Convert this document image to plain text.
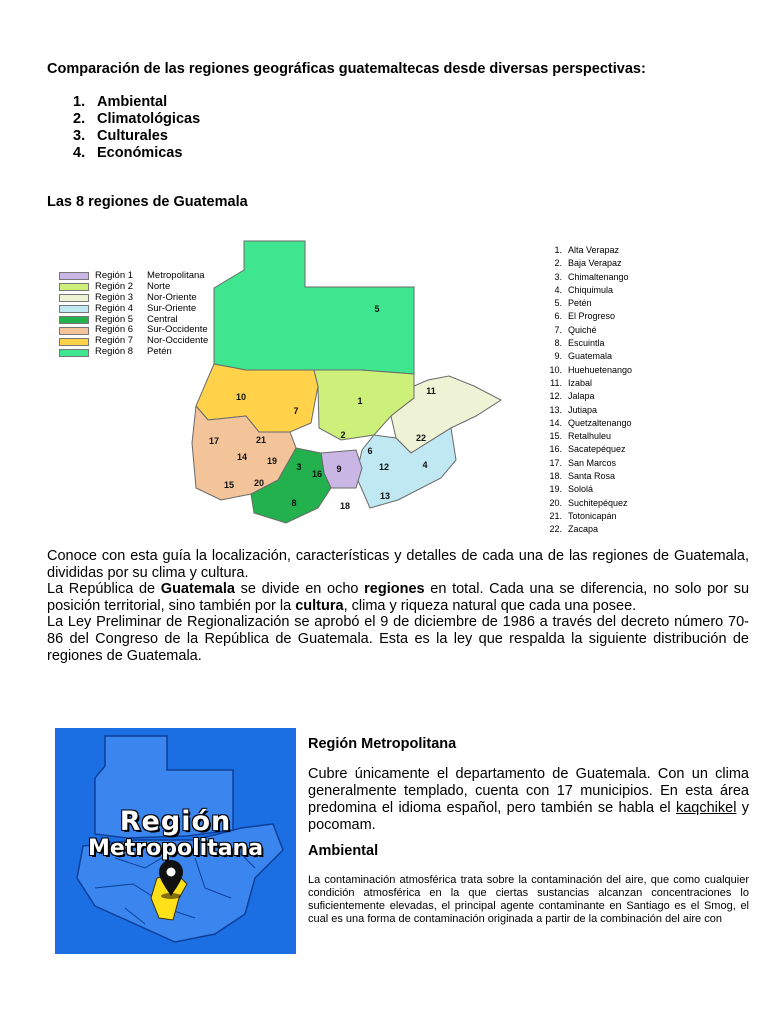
Comparación de las regiones geográficas guatemaltecas desde diversas perspectivas:
1. Ambiental
2. Climatológicas
3. Culturales
4. Económicas
Las 8 regiones de Guatemala
5
10
7
1
11
2	22
6
12	4
17	21
14 19
3
16 9
15 20
8	18
13
Región 1	Metropolitana
Región 2	Norte
Región 3	Nor-Oriente
Región 4	Sur-Oriente
Región 5	Central
Región 6	Sur-Occidente
Región 7	Nor-Occidente
Región 8	Petén
1. Alta Verapaz
2. Baja Verapaz
3. Chimaltenango
4. Chiquimula
5. Petén
6. El Progreso
7. Quiché
8. Escuintla
9. Guatemala
10. Huehuetenango
11. Izabal
12. Jalapa
13. Jutiapa
14. Quetzaltenango
15. Retalhuleu
16. Sacatepéquez
17. San Marcos
18. Santa Rosa
19. Sololá
20. Suchitepéquez
21. Totonicapán
22. Zacapa

Conoce con esta guía la localización, características y detalles de cada una de las regiones de Guatemala, divididas por su clima y cultura.

La República de Guatemala se divide en ocho regiones en total. Cada una se diferencia, no solo por su posición territorial, sino también por la cultura, clima y riqueza natural que cada una posee.

La Ley Preliminar de Regionalización se aprobó el 9 de diciembre de 1986 a través del decreto número 70-86 del Congreso de la República de Guatemala. Esta es la ley que respalda la siguiente distribución de regiones de Guatemala.

Región
Metropolitana

Región Metropolitana

Cubre únicamente el departamento de Guatemala. Con un clima generalmente templado, cuenta con 17 municipios. En esta área predomina el idioma español, pero también se habla el kaqchikel y pocomam.

Ambiental

La contaminación atmosférica trata sobre la contaminación del aire, que como cualquier condición atmosférica en la que ciertas sustancias alcanzan concentraciones lo suficientemente elevadas, el principal agente contaminante en Santiago es el Smog, el cual es una forma de contaminación originada a partir de la combinación del aire con
